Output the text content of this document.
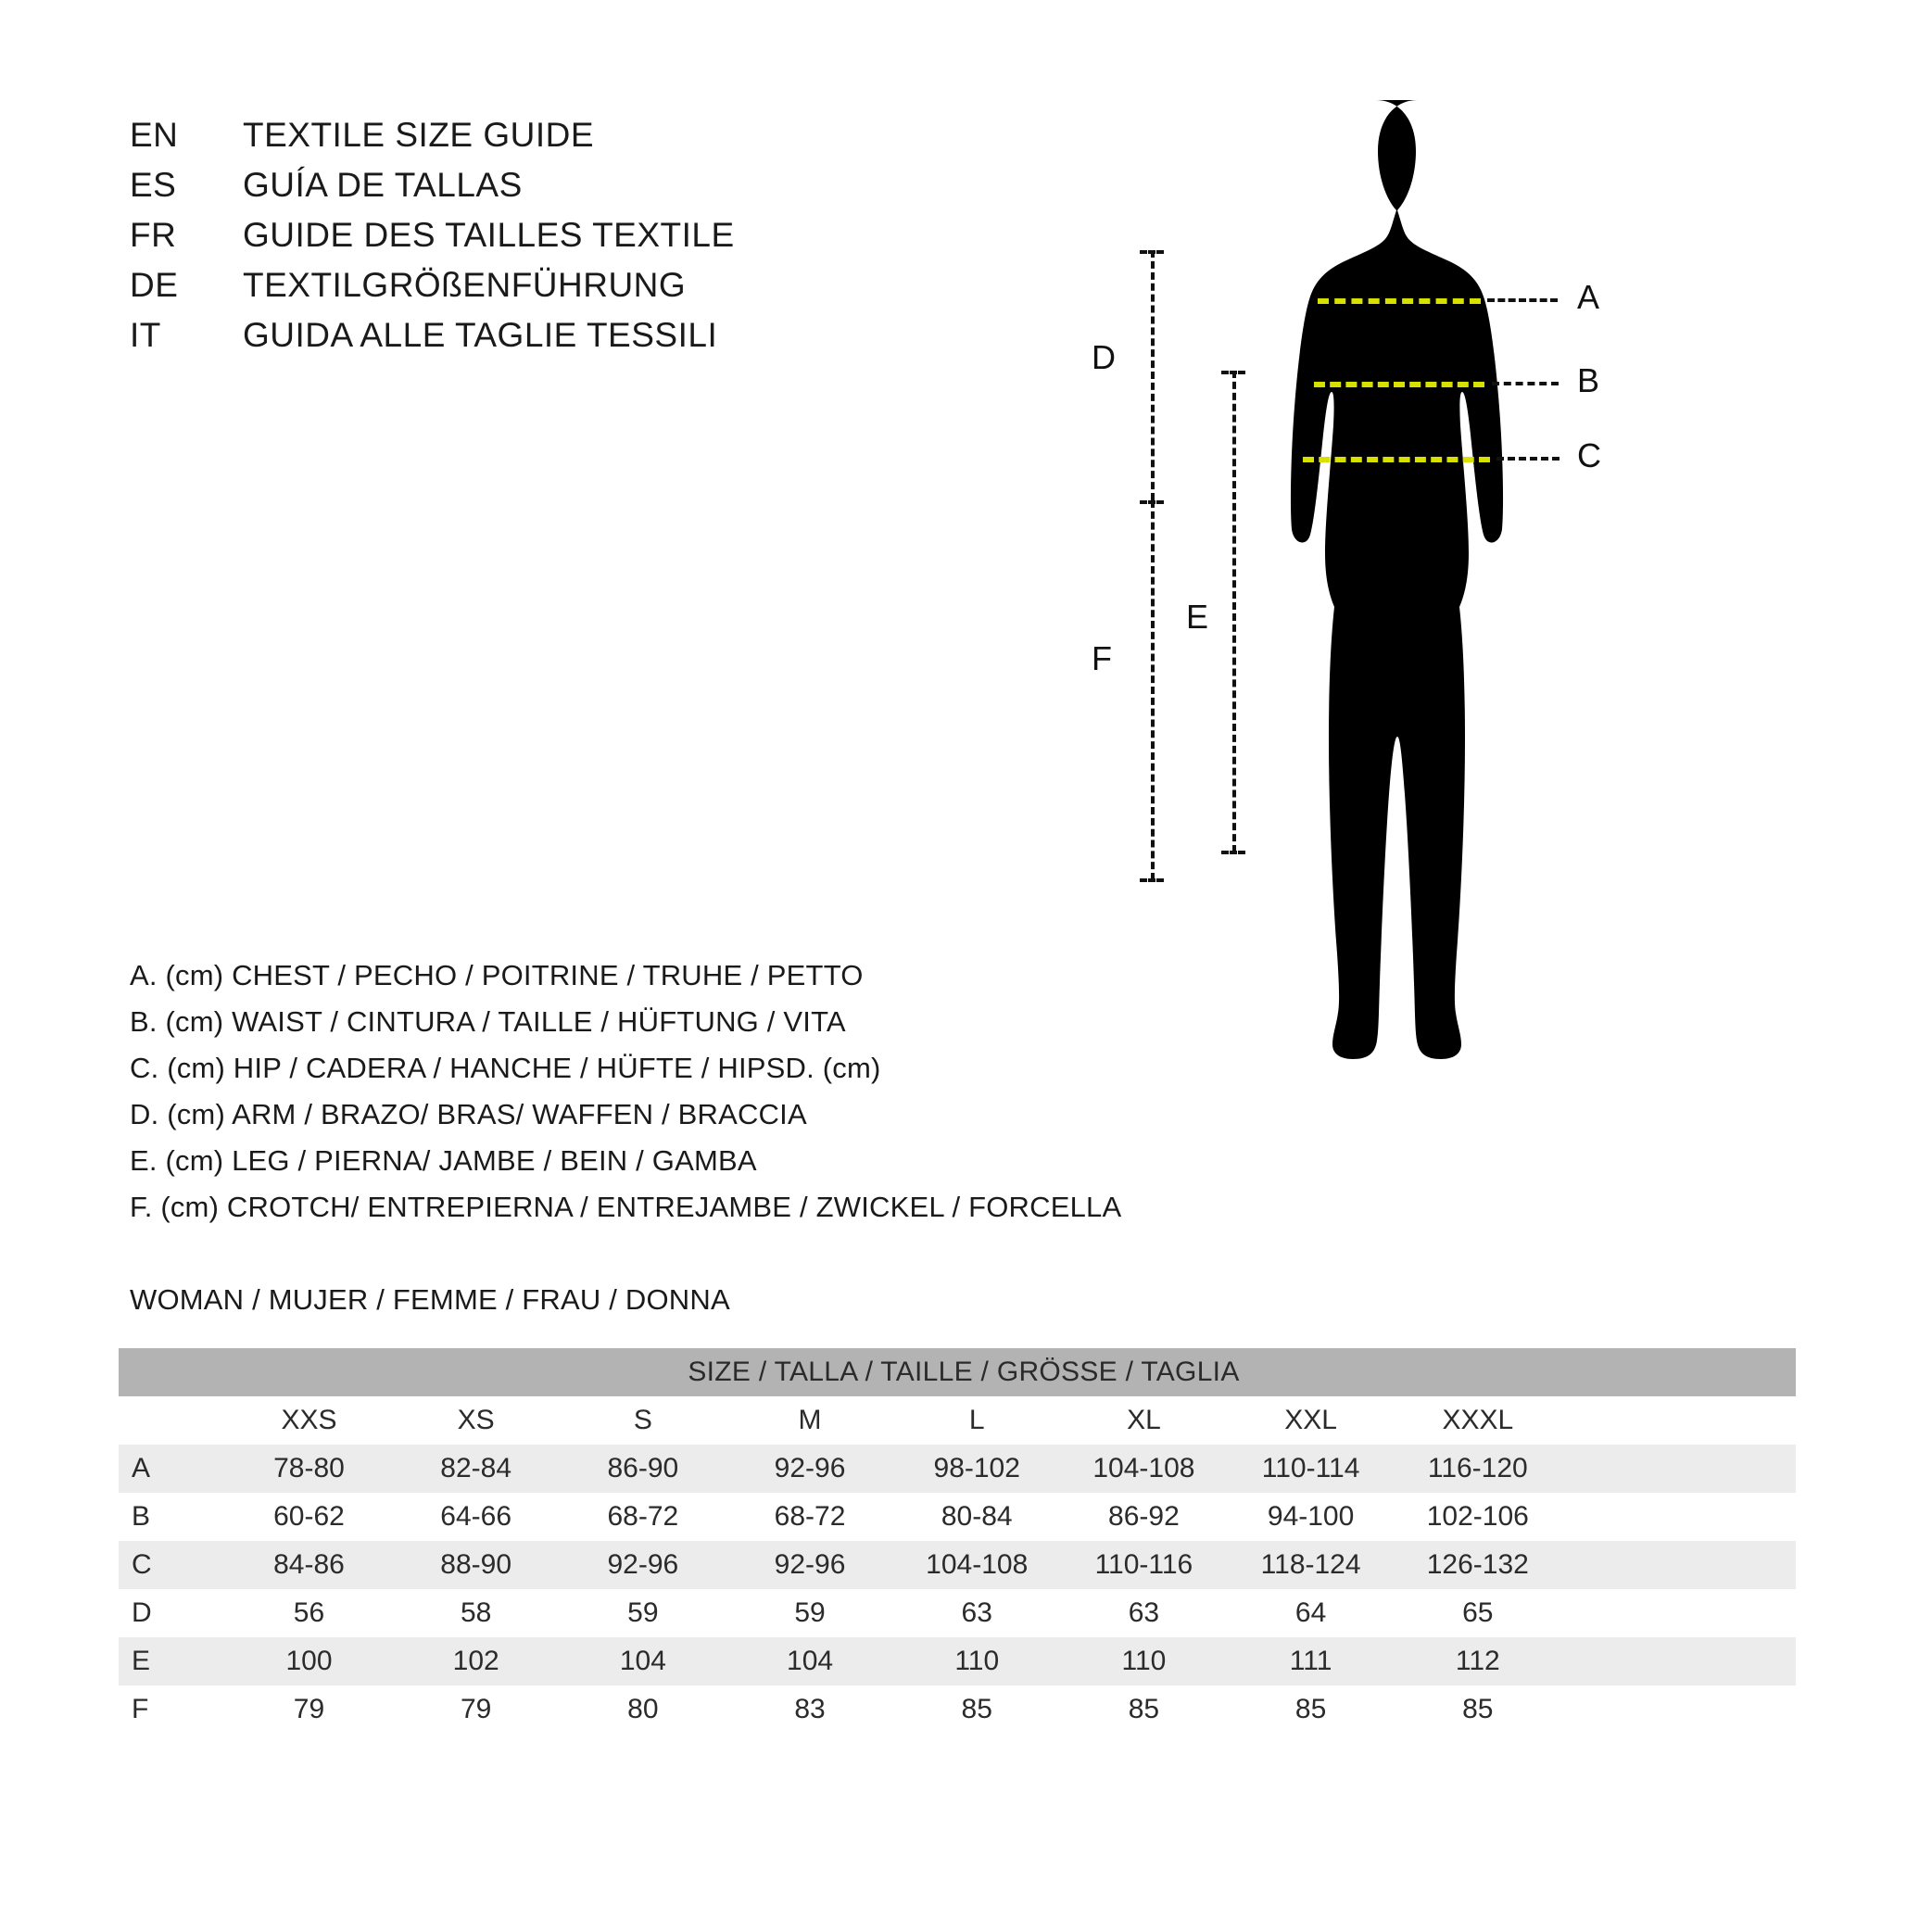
EN	TEXTILE SIZE GUIDE
ES	GUÍA DE TALLAS
FR	GUIDE DES TAILLES TEXTILE
DE	TEXTILGRÖßENFÜHRUNG
IT	GUIDA ALLE TAGLIE TESSILI
A
B
C
D
F
E
A. (cm) CHEST / PECHO / POITRINE / TRUHE / PETTO
B. (cm) WAIST / CINTURA / TAILLE / HÜFTUNG / VITA
C. (cm) HIP / CADERA / HANCHE / HÜFTE / HIPSD. (cm)
D. (cm) ARM / BRAZO/ BRAS/ WAFFEN / BRACCIA
E. (cm) LEG / PIERNA/ JAMBE / BEIN / GAMBA
F. (cm) CROTCH/ ENTREPIERNA / ENTREJAMBE / ZWICKEL / FORCELLA
WOMAN / MUJER / FEMME / FRAU / DONNA
SIZE / TALLA / TAILLE / GRÖSSE / TAGLIA									
	XXS	XS	S	M	L	XL	XXL	XXXL	
A	78-80	82-84	86-90	92-96	98-102	104-108	110-114	116-120	
B	60-62	64-66	68-72	68-72	80-84	86-92	94-100	102-106	
C	84-86	88-90	92-96	92-96	104-108	110-116	118-124	126-132	
D	56	58	59	59	63	63	64	65	
E	100	102	104	104	110	110	111	112	
F	79	79	80	83	85	85	85	85	
